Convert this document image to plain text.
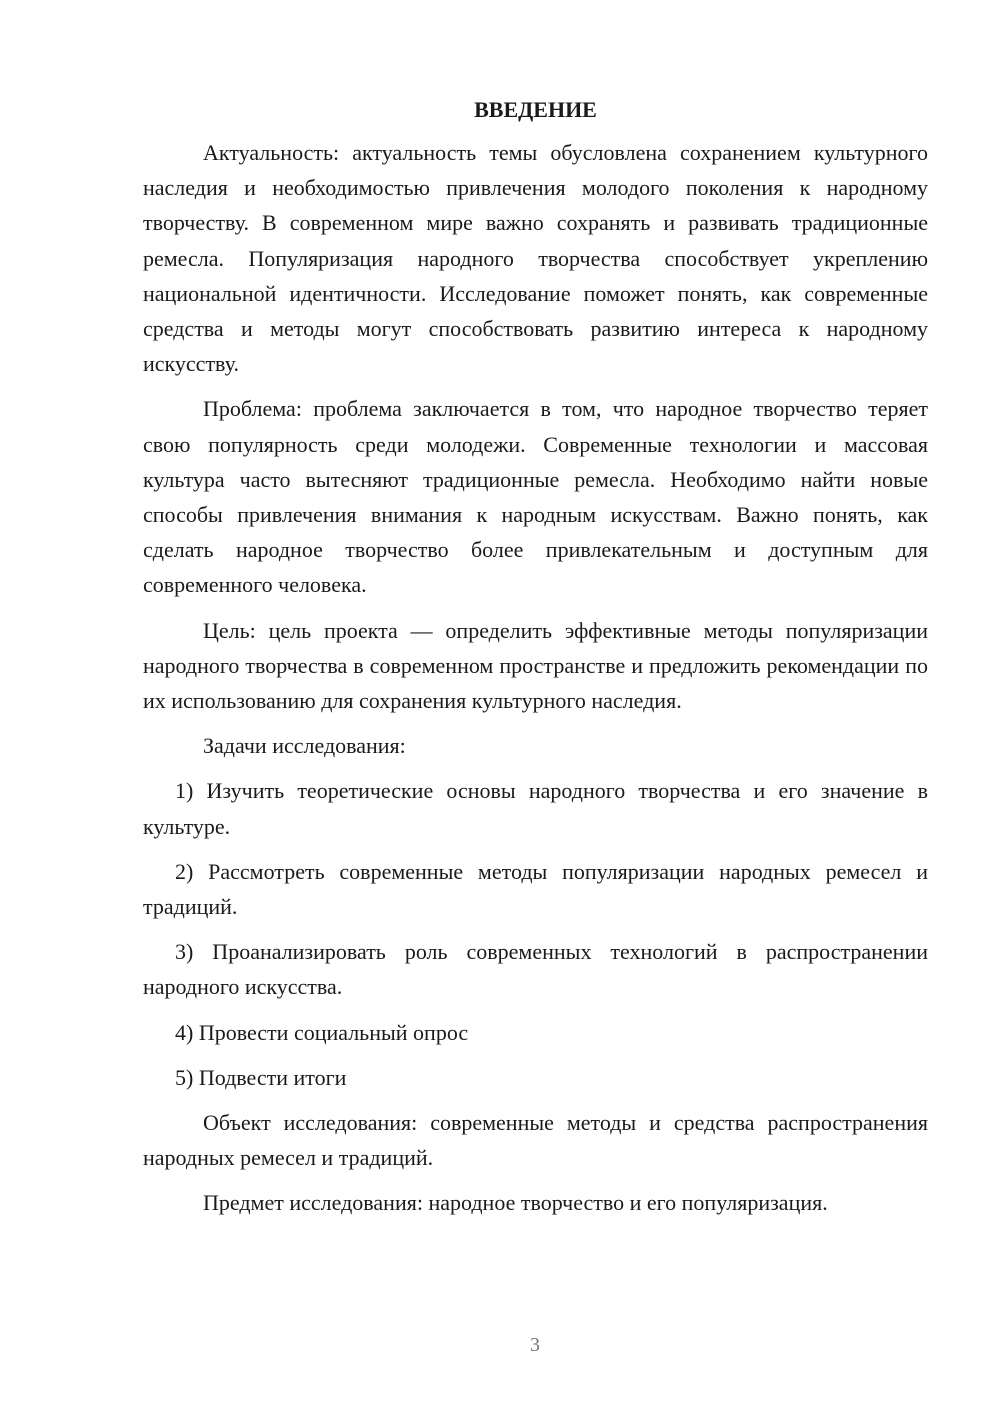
ВВЕДЕНИЕ

Актуальность: актуальность темы обусловлена сохранением культурного наследия и необходимостью привлечения молодого поколения к народному творчеству. В современном мире важно сохранять и развивать традиционные ремесла. Популяризация народного творчества способствует укреплению национальной идентичности. Исследование поможет понять, как современные средства и методы могут способствовать развитию интереса к народному искусству.

Проблема: проблема заключается в том, что народное творчество теряет свою популярность среди молодежи. Современные технологии и массовая культура часто вытесняют традиционные ремесла. Необходимо найти новые способы привлечения внимания к народным искусствам. Важно понять, как сделать народное творчество более привлекательным и доступным для современного человека.

Цель: цель проекта — определить эффективные методы популяризации народного творчества в современном пространстве и предложить рекомендации по их использованию для сохранения культурного наследия.

Задачи исследования:

1) Изучить теоретические основы народного творчества и его значение в культуре.

2) Рассмотреть современные методы популяризации народных ремесел и традиций.

3) Проанализировать роль современных технологий в распространении народного искусства.

4) Провести социальный опрос

5) Подвести итоги

Объект исследования: современные методы и средства распространения народных ремесел и традиций.

Предмет исследования: народное творчество и его популяризация.

3
